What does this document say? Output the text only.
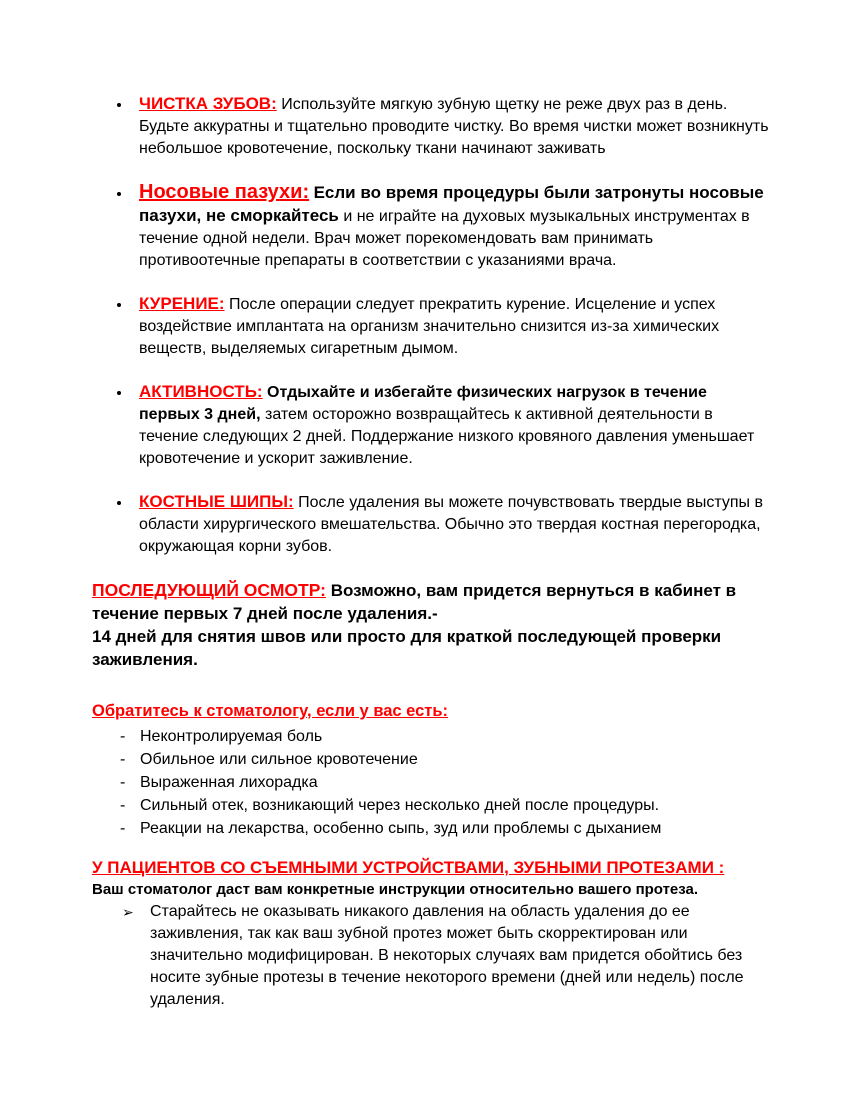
• ЧИСТКА ЗУБОВ: Используйте мягкую зубную щетку не реже двух раз в день. Будьте аккуратны и тщательно проводите чистку. Во время чистки может возникнуть небольшое кровотечение, поскольку ткани начинают заживать
• Носовые пазухи: Если во время процедуры были затронуты носовые пазухи, не сморкайтесь и не играйте на духовых музыкальных инструментах в течение одной недели. Врач может порекомендовать вам принимать противоотечные препараты в соответствии с указаниями врача.
• КУРЕНИЕ: После операции следует прекратить курение. Исцеление и успех воздействие имплантата на организм значительно снизится из-за химических веществ, выделяемых сигаретным дымом.
• АКТИВНОСТЬ: Отдыхайте и избегайте физических нагрузок в течение первых 3 дней, затем осторожно возвращайтесь к активной деятельности в течение следующих 2 дней. Поддержание низкого кровяного давления уменьшает кровотечение и ускорит заживление.
• КОСТНЫЕ ШИПЫ: После удаления вы можете почувствовать твердые выступы в области хирургического вмешательства. Обычно это твердая костная перегородка, окружающая корни зубов.

ПОСЛЕДУЮЩИЙ ОСМОТР: Возможно, вам придется вернуться в кабинет в течение первых 7 дней после удаления.-
14 дней для снятия швов или просто для краткой последующей проверки заживления.

Обратитесь к стоматологу, если у вас есть:
- Неконтролируемая боль
- Обильное или сильное кровотечение
- Выраженная лихорадка
- Сильный отек, возникающий через несколько дней после процедуры.
- Реакции на лекарства, особенно сыпь, зуд или проблемы с дыханием
У ПАЦИЕНТОВ СО СЪЕМНЫМИ УСТРОЙСТВАМИ, ЗУБНЫМИ ПРОТЕЗАМИ :
Ваш стоматолог даст вам конкретные инструкции относительно вашего протеза.
➢	Старайтесь не оказывать никакого давления на область удаления до ее заживления, так как ваш зубной протез может быть скорректирован или значительно модифицирован. В некоторых случаях вам придется обойтись без носите зубные протезы в течение некоторого времени (дней или недель) после удаления.
